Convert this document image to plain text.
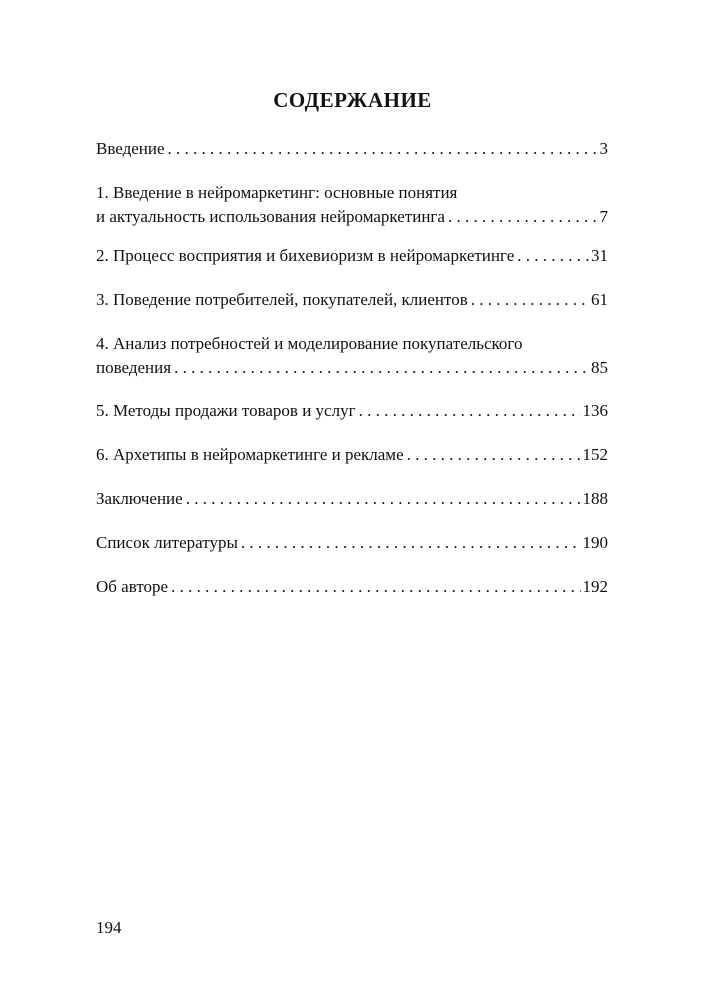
СОДЕРЖАНИЕ
Введение . . .	3
1. Введение в нейромаркетинг: основные понятия
и актуальность использования нейромаркетинга . . .	7
2. Процесс восприятия и бихевиоризм в нейромаркетинге . . .	31
3. Поведение потребителей, покупателей, клиентов . . .	61
4. Анализ потребностей и моделирование покупательского
поведения . . .	85
5. Методы продажи товаров и услуг . . .	136
6. Архетипы в нейромаркетинге и рекламе . . .	152
Заключение . . .	188
Список литературы . . .	190
Об авторе . . .	192
194
